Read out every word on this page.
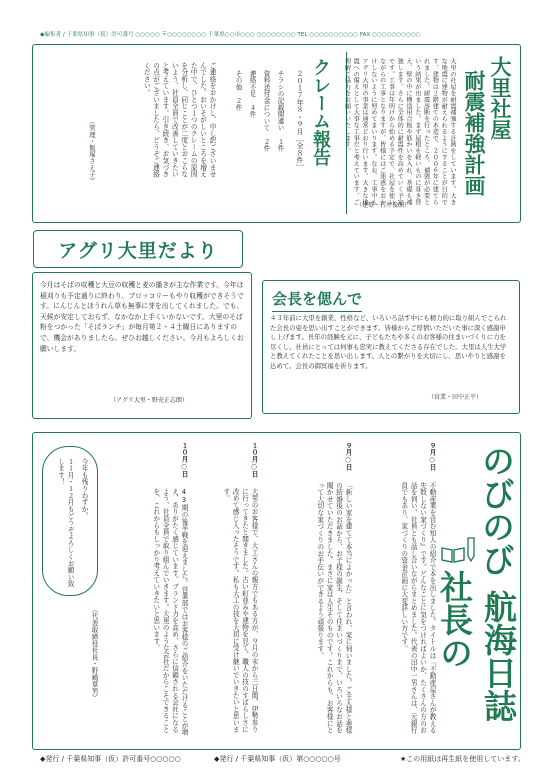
◆編集者 / 千葉県知事（仮）許可番号 ○○○○○ 〒○○○○○○○○ 千葉県○○市○○○ ○○○○○○○○ TEL ○○○○○○○○○○ FAX ○○○○○○○○○○
大里社屋
耐震補強計画
大里の社屋を耐震補強する計画をしています。大きな地震に建物が耐えられるようにすることが目的です。建物は２階建ての木造で、２００６年に建てられました。耐震診断を行ったところ、補強が必要という結果が出ました。まず屋根を軽いものに葺き替え、壁の中に構造用合板や筋かいを入れ、基礎も補強します。さらに全体的に耐震性を高めていく予定です。工事は年明けから始める予定で、社屋を使いながらの工事となりますが、皆様にはご迷惑をおかけしないように努めてまいります。なお、工事中もアグリ大里の事業は通常どおり行います。大きな地震への備えとして大事な工事だと考えています。ご理解ご協力をお願いいたします。
（建築・石井俊朗）
クレーム報告
２０１７年８・９月［全８件］
チラシの記載間違い　１件
資料送付金について　２件
連絡不足　４件
その他　２件
ご連絡をおかけし、申し訳ございませんでした。おいそがしいところを増えた中で、ひとつ１つのクレームの原因を分析し、同じことが二度とおこらないよう、社員全員で改善していきたいと考えています。引き続き、お気づきの点がございましたら、どうぞご連絡ください。
（管理・飯塚さえ子）
アグリ大里だより
今月はそばの収穫と大豆の収穫と麦の播きが主な作業です。今年は稲刈りも予定通りに終わり、ブロッコリーもやり収穫ができそうです。にんじんとほうれん草も無事に芽を出してくれました。でも、天候が安定しておらず、なかなか上手くいかないです。大里のそば粉をつかった「そばランチ」が毎月第２・４土曜日にありますので、機会がありましたら、ぜひお越しください。今月もよろしくお願いします。
（アグリ大里・野売正志朗）
会長を偲んで
４３年前に大里を創業、性格など、いろいろ話す中にも精力的に取り組んでこられた会長の姿を思い出すことができます。皆様からご厚情いただいた事に深く感謝申し上げます。長年の経験を元に、子どもたちや多くのお客様の住まいづくりに力を尽くし、社員にとっては何事も忠実に教えてくださる存在でした。大里は人生大学と教えてくれたことを思い出します。人との繋がりを大切にし、思いやりと感謝を込めて。会長の御冥福を祈ります。
（営業・田中正平）
のびのび
社長の 航海日誌
９月○日
不動産業を営む知人の紹介で本を出しました。タイトルは『不動産屋さんが教える失敗しない家づくり』です。どんなことに気をつければよいか、たくさんの方のお話を伺い、社員とも話し合いながらまとめました。代表の田中一男さんは、元銀行員でもあり、家づくりの資金計画に大変詳しい方です。
９月○日
「新しい家を建てて本当によかった」と言われ、家に伺いました。ご主人様と奥様の結婚後のお話から、お子様の誕生、そして住まいづくりまで、いろいろなお話を聞かせていただきました。まさに家は人生そのものです。これからも、お客様にとって大切な家づくりのお手伝いができるよう頑張ります。
１０月○日
大里のお客様で、大工さんの親方でもある方が、９月の末から三日間、伊勢参りに行ってきたと聞きました。古い町並みや建物を見て、職人の技のすばらしさに改めて感じ入ったそうです。私も大工の技を大切に受け継いでいきたいと思います。
１０月○日
43期の後半戦を迎えました。営業部ではお客様のご紹介をいただけることが増え、ありがたく感じています。ブランド力を高め、さらに信頼される会社になるよう、社員全員で取り組んでいきます。大里のような会社だからこそできることを、これからもしっかり考えていきたいと思います。
今年も残りわずか。
１１月・１２月もどうぞよろしくお願い致します！
（代表取締役社長・野崎章男）
◆発行 / 千葉県知事（仮）許可番号○○○○○	◆発行 / 千葉県知事（仮）第○○○○○号	★この用紙は再生紙を使用しています。
